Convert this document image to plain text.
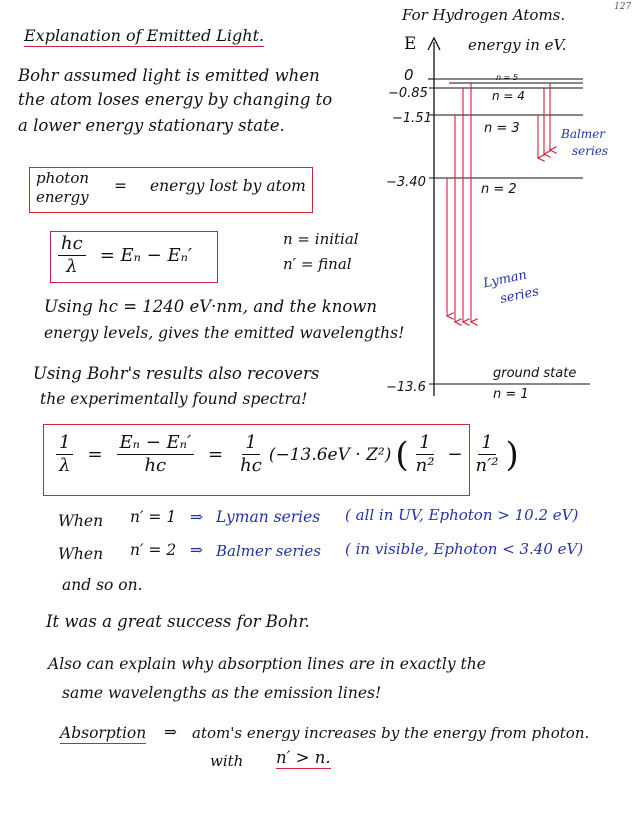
127
Explanation of Emitted Light.
Bohr assumed light is emitted when
the atom loses energy by changing to
a lower energy stationary state.
photon
energy
= energy lost by atom
$\frac{hc}{\lambda} = E_n - E_n'$
n = initial
n′ = final
Using hc = 1240 eV·nm, and the known
energy levels, gives the emitted wavelengths!
Using Bohr's results also recovers
the experimentally found spectra!
$\frac{1}{\lambda} = \frac{\text{Eₙ − Eₙ′}}{hc} = \frac{1}{hc} (-13.6eV \cdot Z^2)$ ( $\frac{1}{\text{n²}} - \frac{1}{\text{n′²}}$ )
When n′ = 1 ⇒ Lyman series ( all in UV, Ephoton > 10.2 eV)
When n′ = 2 ⇒ Balmer series ( in visible, Ephoton < 3.40 eV)
and so on.
It was a great success for Bohr.
Also can explain why absorption lines are in exactly the
same wavelengths as the emission lines!
Absorption ⇒ atom's energy increases by the energy from photon.
with n′ > n.
For Hydrogen Atoms.
E	energy in eV.
0
−0.85
−1.51
−3.40
−13.6
n = 5
n = 4
n = 3
n = 2
ground state
n = 1
Balmer
series
Lyman
series
